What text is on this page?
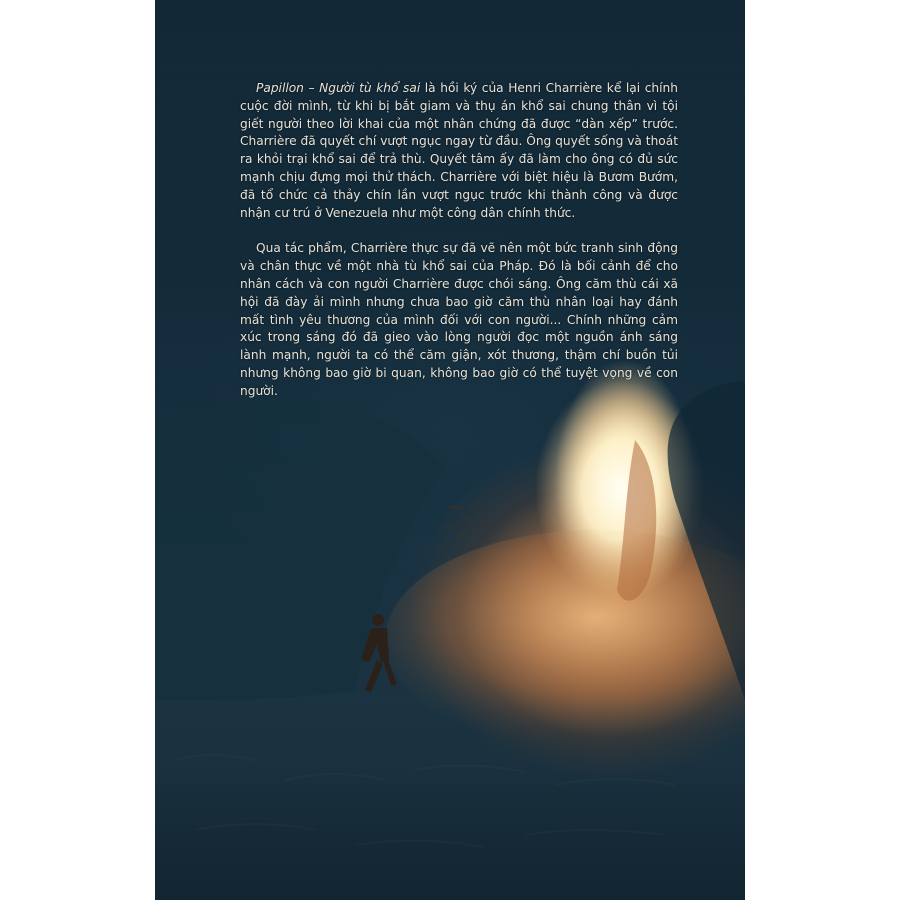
Papillon – Người tù khổ sai là hồi ký của Henri Charrière kể lại chính cuộc đời mình, từ khi bị bắt giam và thụ án khổ sai chung thân vì tội giết người theo lời khai của một nhân chứng đã được “dàn xếp” trước. Charrière đã quyết chí vượt ngục ngay từ đầu. Ông quyết sống và thoát ra khỏi trại khổ sai để trả thù. Quyết tâm ấy đã làm cho ông có đủ sức mạnh chịu đựng mọi thử thách. Charrière với biệt hiệu là Bươm Bướm, đã tổ chức cả thảy chín lần vượt ngục trước khi thành công và được nhận cư trú ở Venezuela như một công dân chính thức.

Qua tác phẩm, Charrière thực sự đã vẽ nên một bức tranh sinh động và chân thực về một nhà tù khổ sai của Pháp. Đó là bối cảnh để cho nhân cách và con người Charrière được chói sáng. Ông căm thù cái xã hội đã đày ải mình nhưng chưa bao giờ căm thù nhân loại hay đánh mất tình yêu thương của mình đối với con người... Chính những cảm xúc trong sáng đó đã gieo vào lòng người đọc một nguồn ánh sáng lành mạnh, người ta có thể căm giận, xót thương, thậm chí buồn tủi nhưng không bao giờ bi quan, không bao giờ có thể tuyệt vọng về con người.
